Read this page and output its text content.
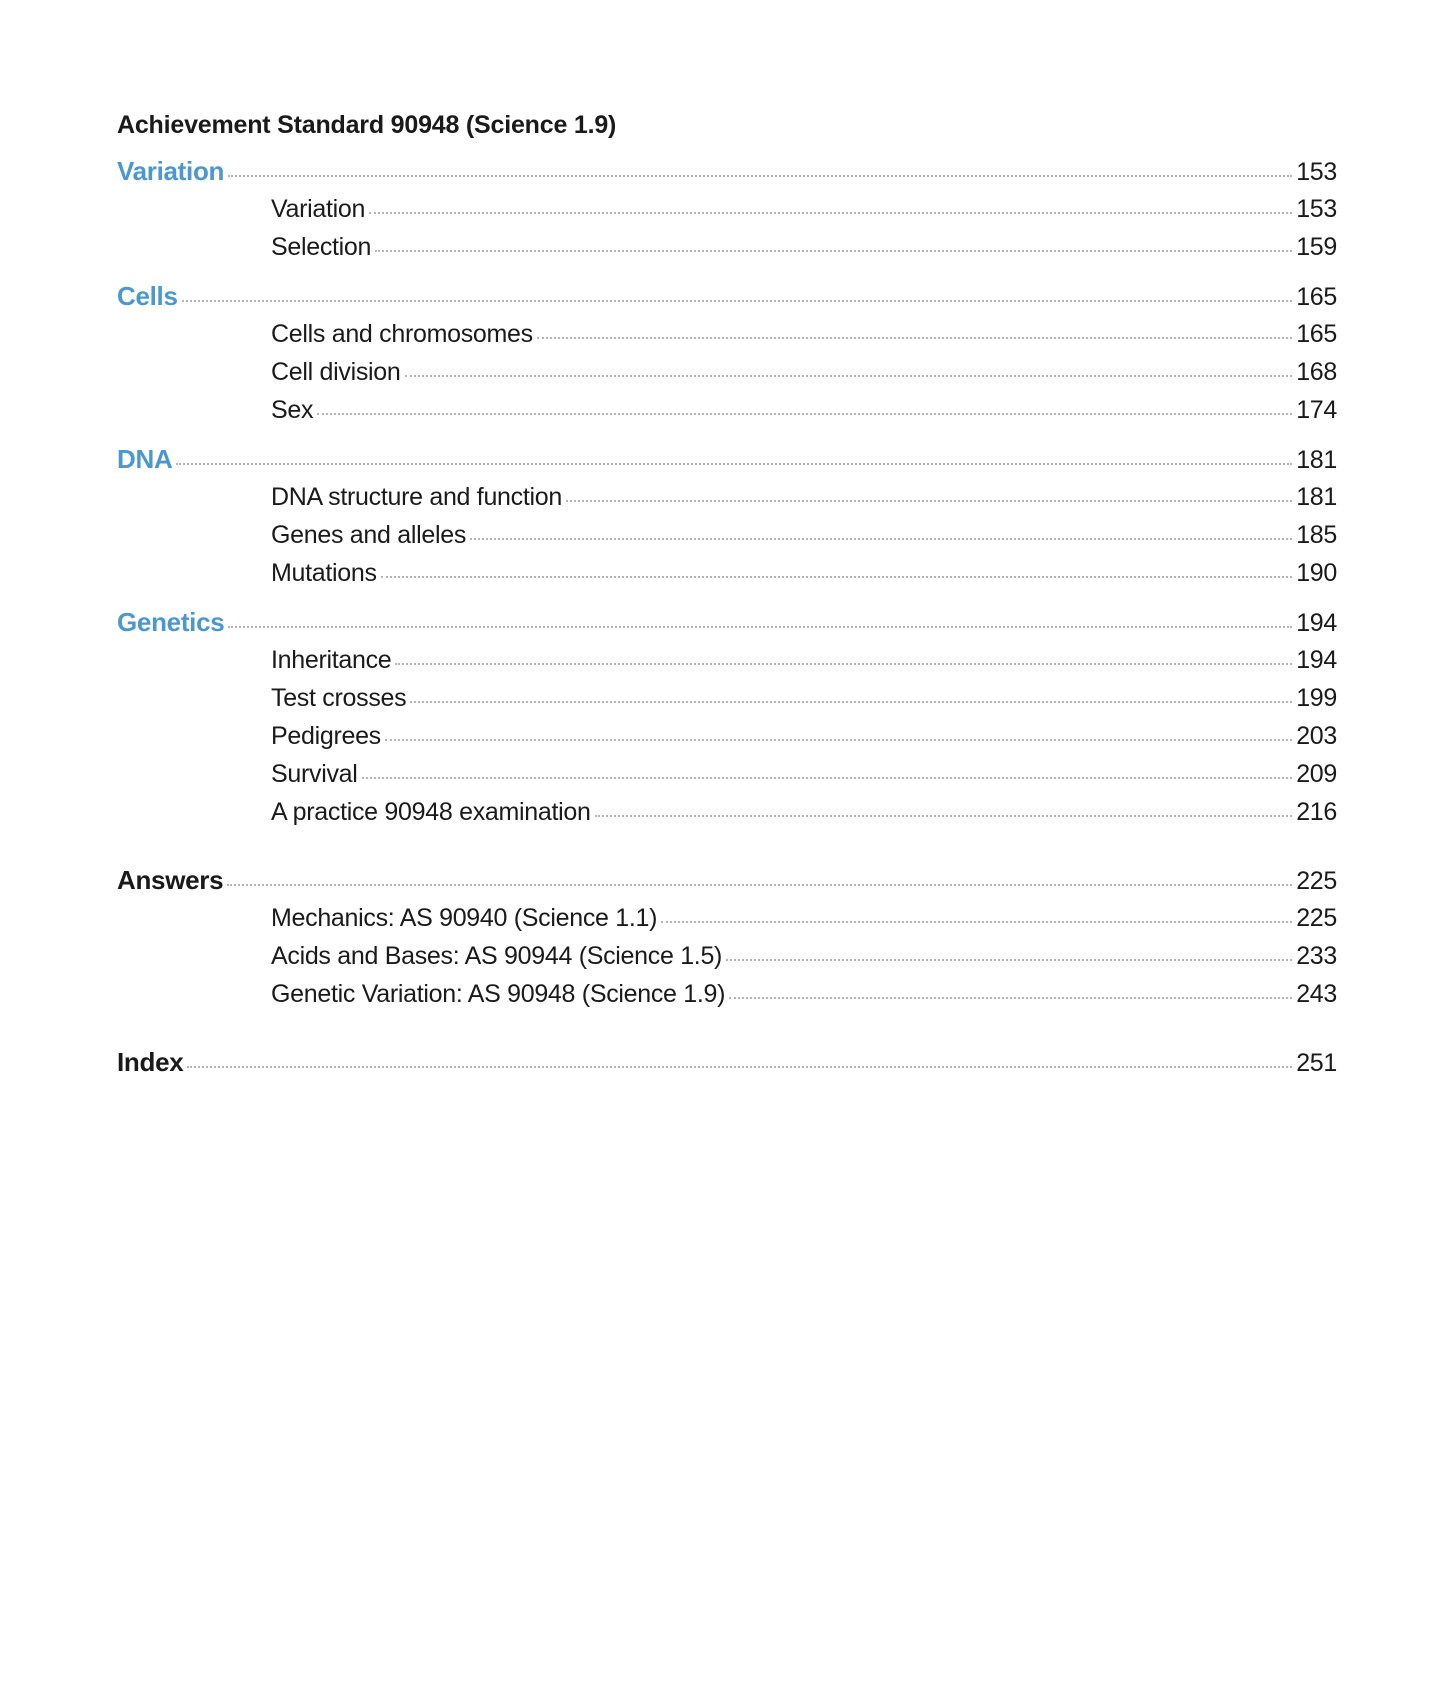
Achievement Standard 90948 (Science 1.9)
Variation	153
Variation	153
Selection	159
Cells	165
Cells and chromosomes	165
Cell division	168
Sex	174
DNA	181
DNA structure and function	181
Genes and alleles	185
Mutations	190
Genetics	194
Inheritance	194
Test crosses	199
Pedigrees	203
Survival	209
A practice 90948 examination	216
Answers	225
Mechanics: AS 90940 (Science 1.1)	225
Acids and Bases: AS 90944 (Science 1.5)	233
Genetic Variation: AS 90948 (Science 1.9)	243
Index	251
